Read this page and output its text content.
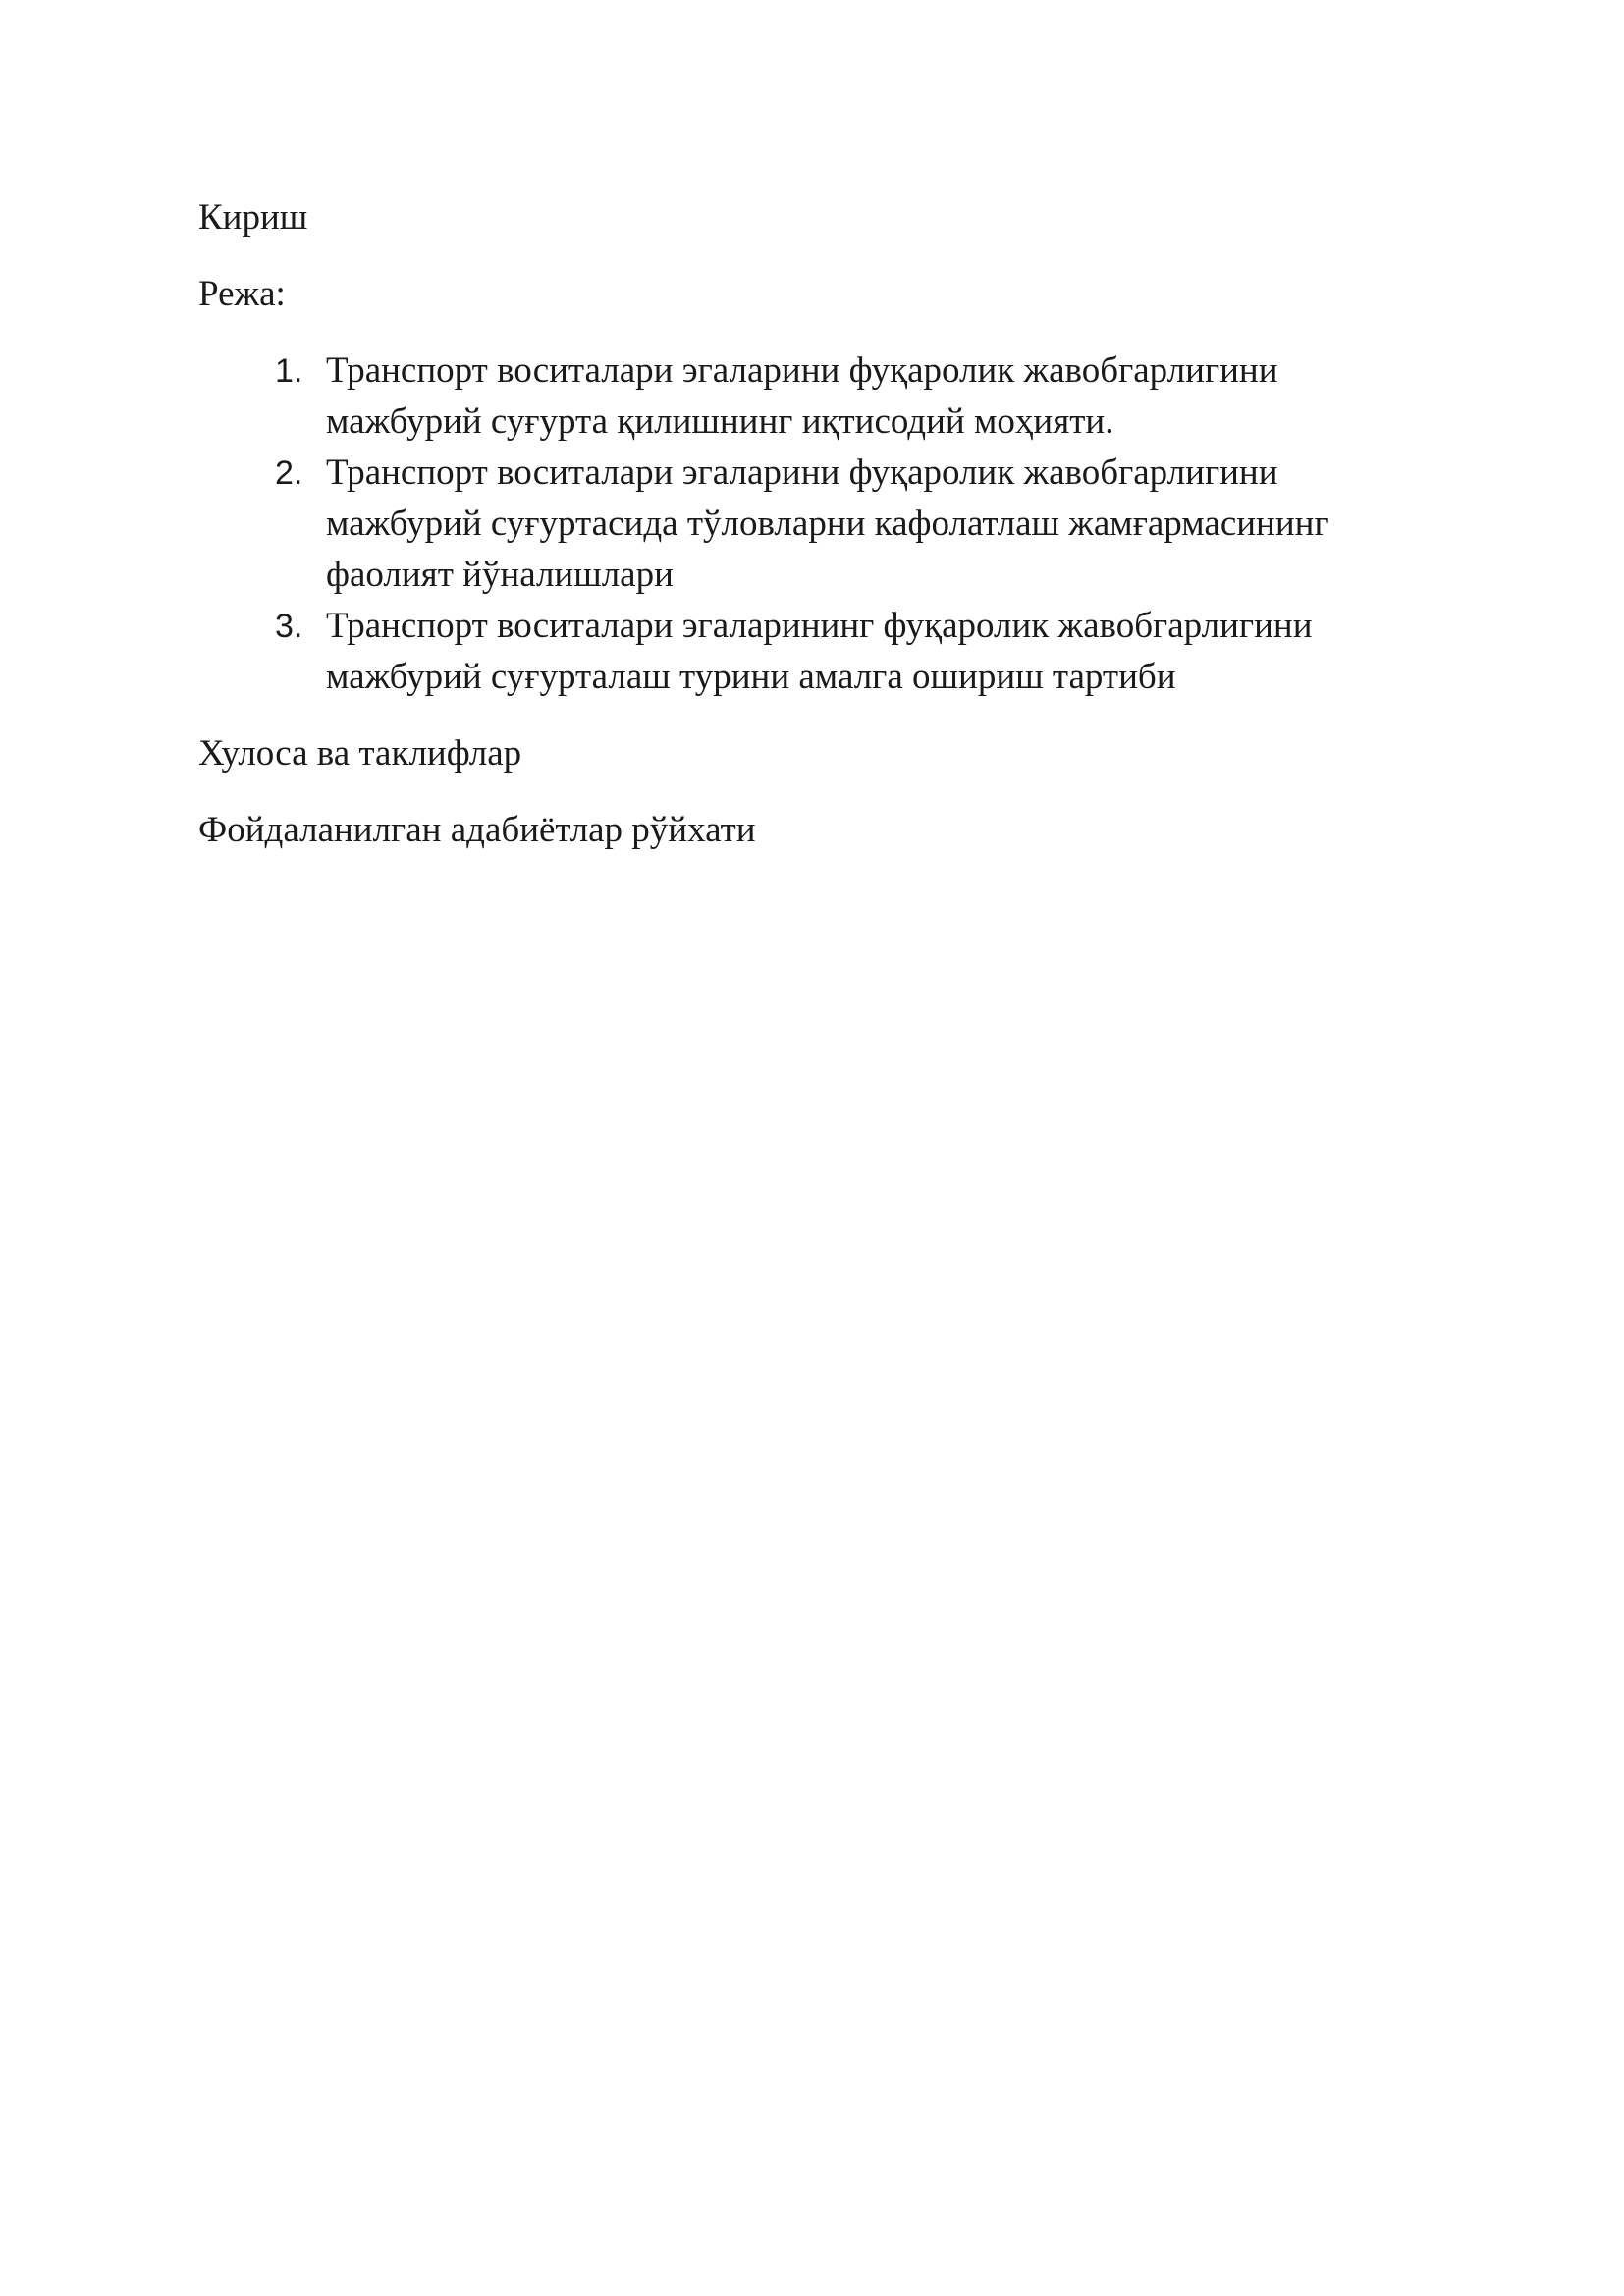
Кириш

Режа:

1. Транспорт воситалари эгаларини фуқаролик жавобгарлигини мажбурий суғурта қилишнинг иқтисодий моҳияти.
2. Транспорт воситалари эгаларини фуқаролик жавобгарлигини мажбурий суғуртасида тўловларни кафолатлаш жамғармасининг фаолият йўналишлари
3. Транспорт воситалари эгаларининг фуқаролик жавобгарлигини мажбурий суғурталаш турини амалга ошириш тартиби

Хулоса ва таклифлар

Фойдаланилган адабиётлар рўйхати
